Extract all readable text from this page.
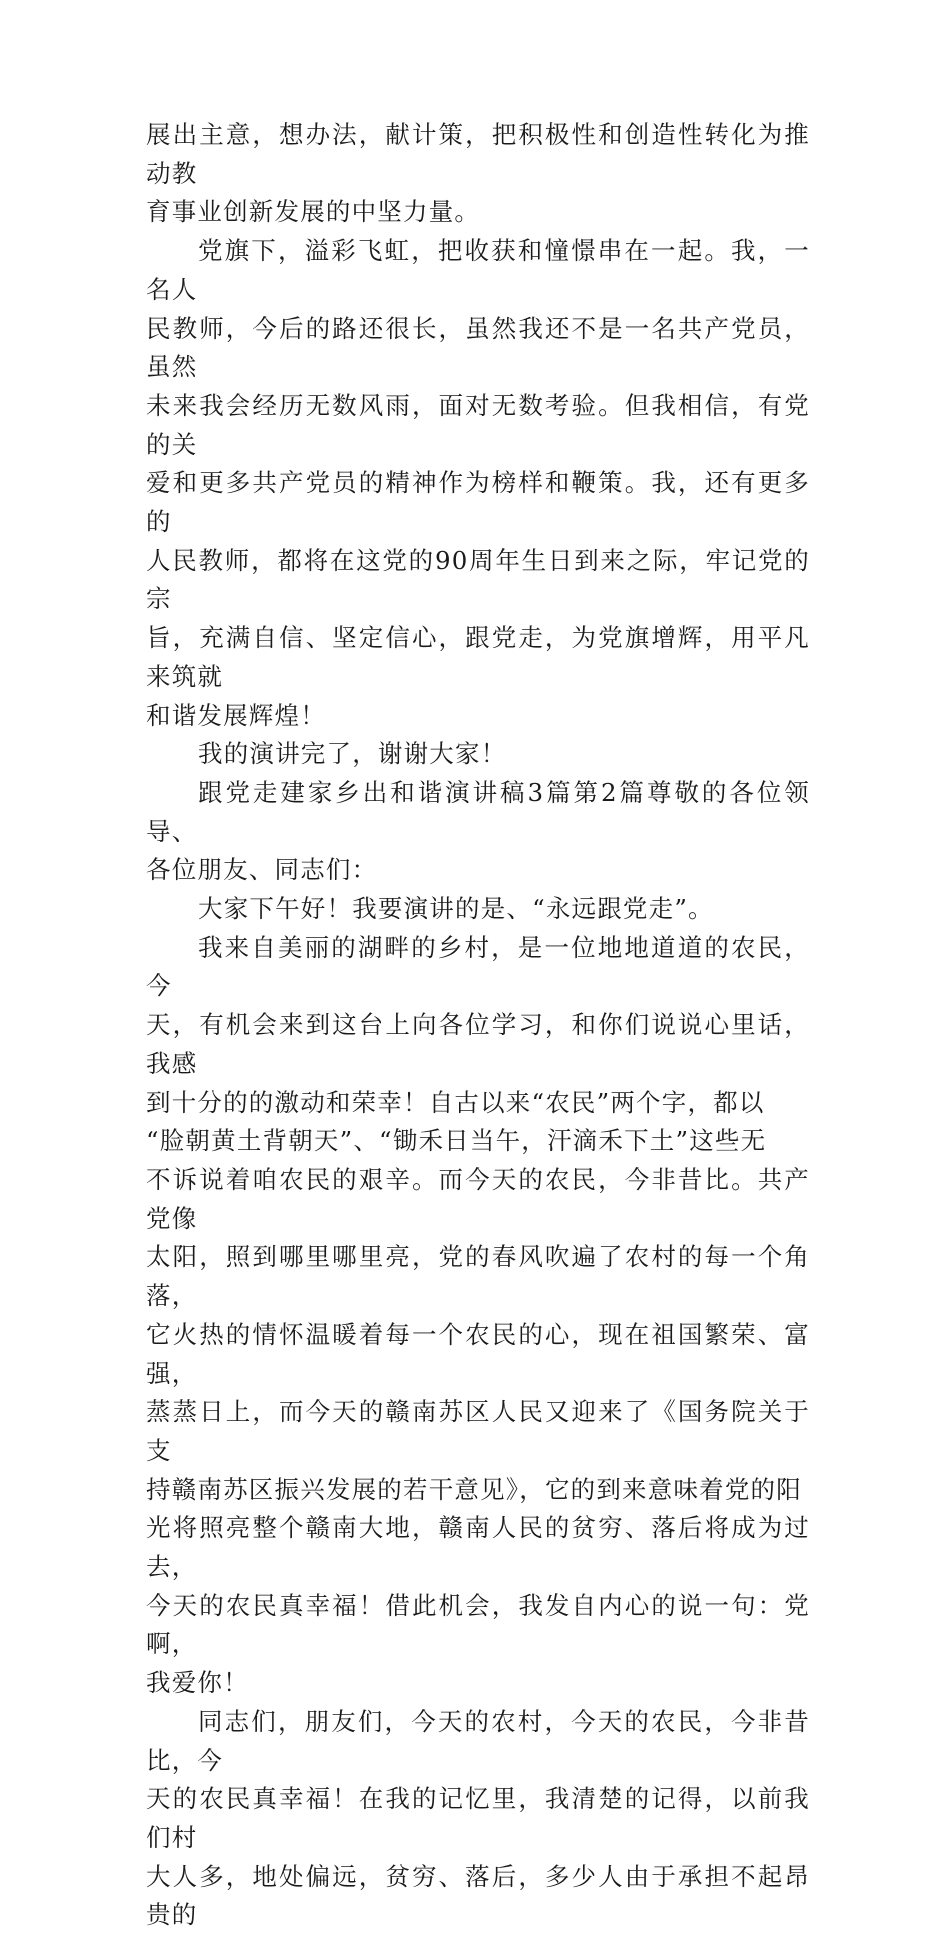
展出主意，想办法，献计策，把积极性和创造性转化为推动教
育事业创新发展的中坚力量。

党旗下，溢彩飞虹，把收获和憧憬串在一起。我，一名人
民教师，今后的路还很长，虽然我还不是一名共产党员，虽然
未来我会经历无数风雨，面对无数考验。但我相信，有党的关
爱和更多共产党员的精神作为榜样和鞭策。我，还有更多的
人民教师，都将在这党的90周年生日到来之际，牢记党的宗
旨，充满自信、坚定信心，跟党走，为党旗增辉，用平凡来筑就
和谐发展辉煌！

我的演讲完了，谢谢大家！

跟党走建家乡出和谐演讲稿3篇第2篇尊敬的各位领导、
各位朋友、同志们：

大家下午好！我要演讲的是、“永远跟党走”。

我来自美丽的湖畔的乡村，是一位地地道道的农民，今
天，有机会来到这台上向各位学习，和你们说说心里话，我感
到十分的的激动和荣幸！自古以来“农民”两个字，都以
“脸朝黄土背朝天”、“锄禾日当午，汗滴禾下土”这些无
不诉说着咱农民的艰辛。而今天的农民，今非昔比。共产党像
太阳，照到哪里哪里亮，党的春风吹遍了农村的每一个角落，
它火热的情怀温暖着每一个农民的心，现在祖国繁荣、富强，
蒸蒸日上，而今天的赣南苏区人民又迎来了《国务院关于支
持赣南苏区振兴发展的若干意见》，它的到来意味着党的阳
光将照亮整个赣南大地，赣南人民的贫穷、落后将成为过去，
今天的农民真幸福！借此机会，我发自内心的说一句：党啊，
我爱你！

同志们，朋友们，今天的农村，今天的农民，今非昔比，今
天的农民真幸福！在我的记忆里，我清楚的记得，以前我们村
大人多，地处偏远，贫穷、落后，多少人由于承担不起昂贵的
